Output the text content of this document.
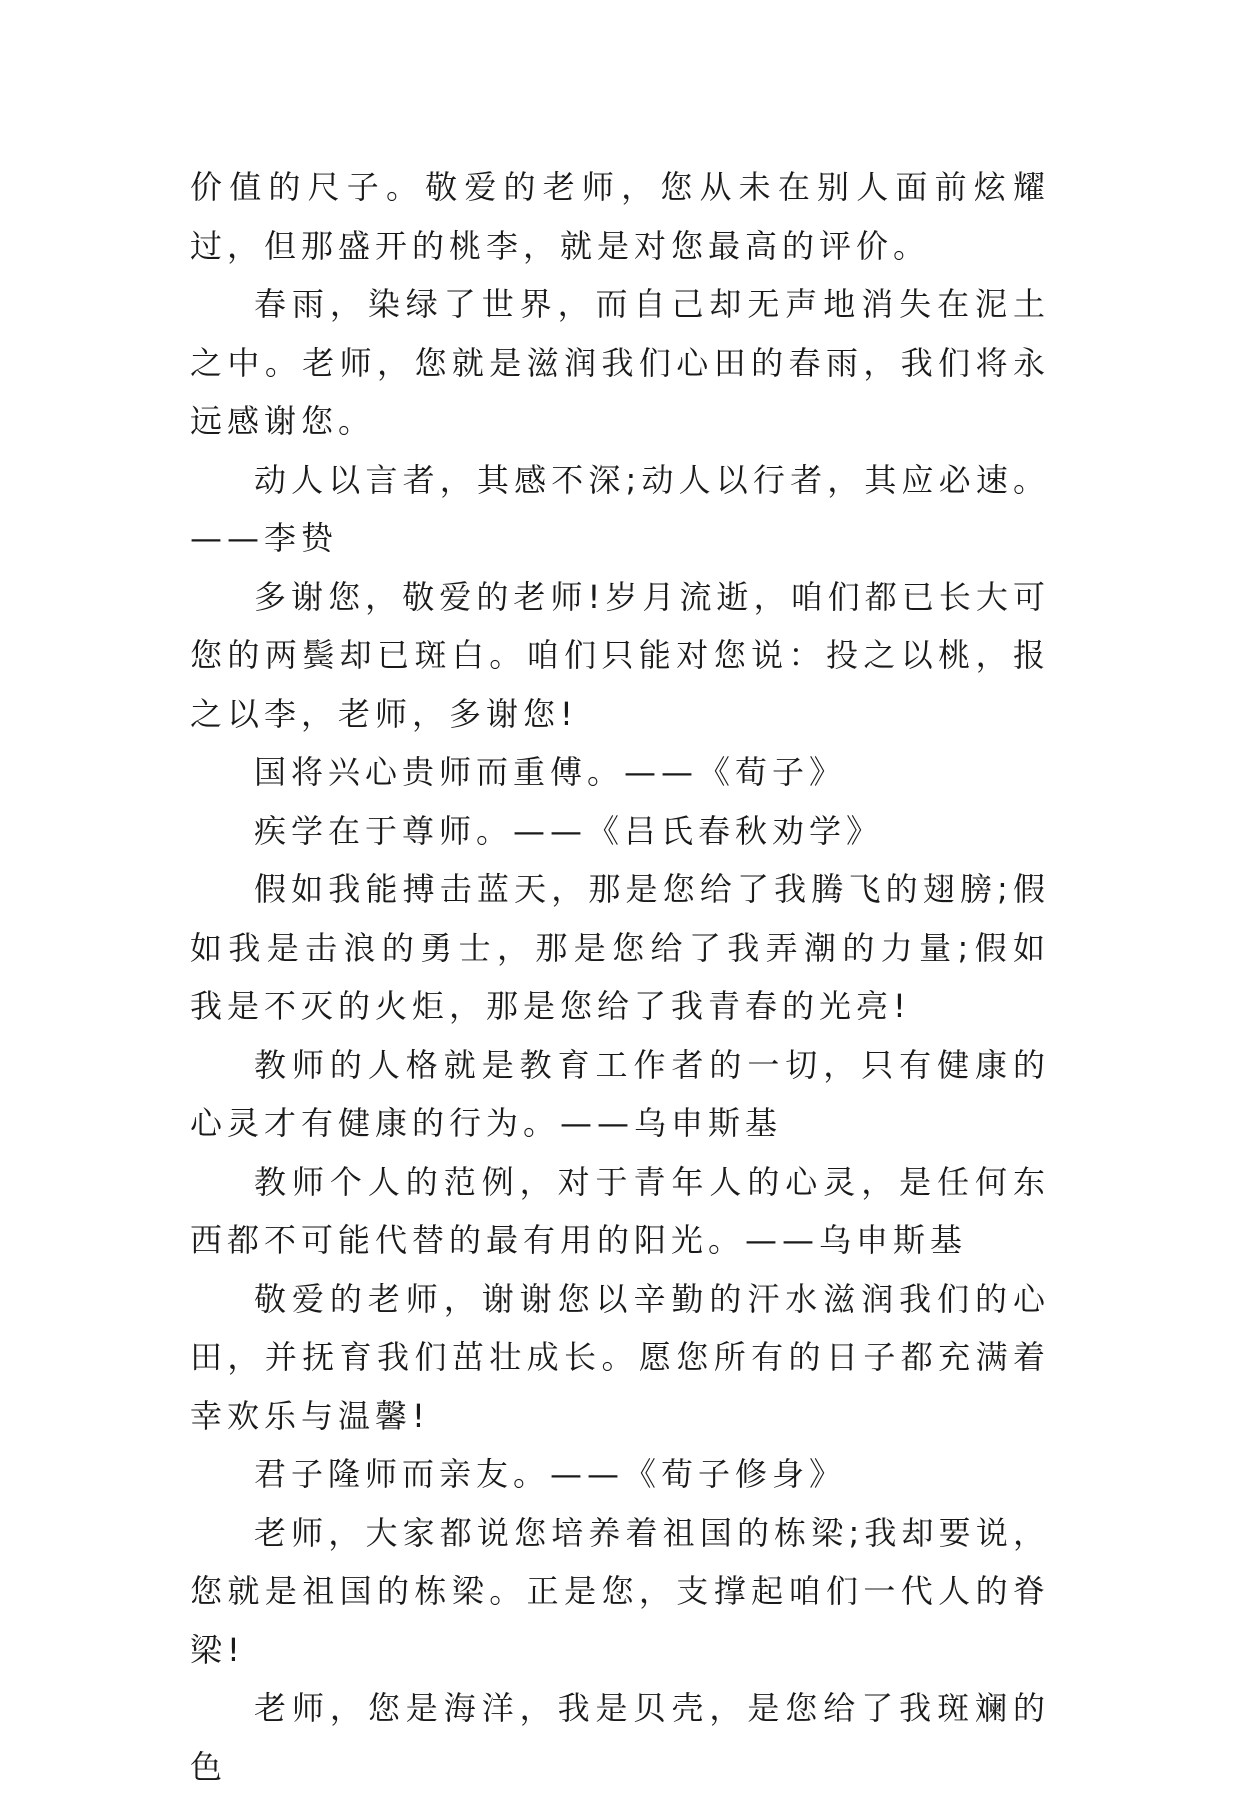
价值的尺子。敬爱的老师，您从未在别人面前炫耀过，但那盛开的桃李，就是对您最高的评价。

春雨，染绿了世界，而自己却无声地消失在泥土之中。老师，您就是滋润我们心田的春雨，我们将永远感谢您。

动人以言者，其感不深;动人以行者，其应必速。——李贽

多谢您，敬爱的老师!岁月流逝，咱们都已长大可您的两鬓却已斑白。咱们只能对您说：投之以桃，报之以李，老师，多谢您!

国将兴心贵师而重傅。——《荀子》

疾学在于尊师。——《吕氏春秋劝学》

假如我能搏击蓝天，那是您给了我腾飞的翅膀;假如我是击浪的勇士，那是您给了我弄潮的力量;假如我是不灭的火炬，那是您给了我青春的光亮!

教师的人格就是教育工作者的一切，只有健康的心灵才有健康的行为。——乌申斯基

教师个人的范例，对于青年人的心灵，是任何东西都不可能代替的最有用的阳光。——乌申斯基

敬爱的老师，谢谢您以辛勤的汗水滋润我们的心田，并抚育我们茁壮成长。愿您所有的日子都充满着幸欢乐与温馨!

君子隆师而亲友。——《荀子修身》

老师，大家都说您培养着祖国的栋梁;我却要说，您就是祖国的栋梁。正是您，支撑起咱们一代人的脊梁!

老师，您是海洋，我是贝壳，是您给了我斑斓的色
